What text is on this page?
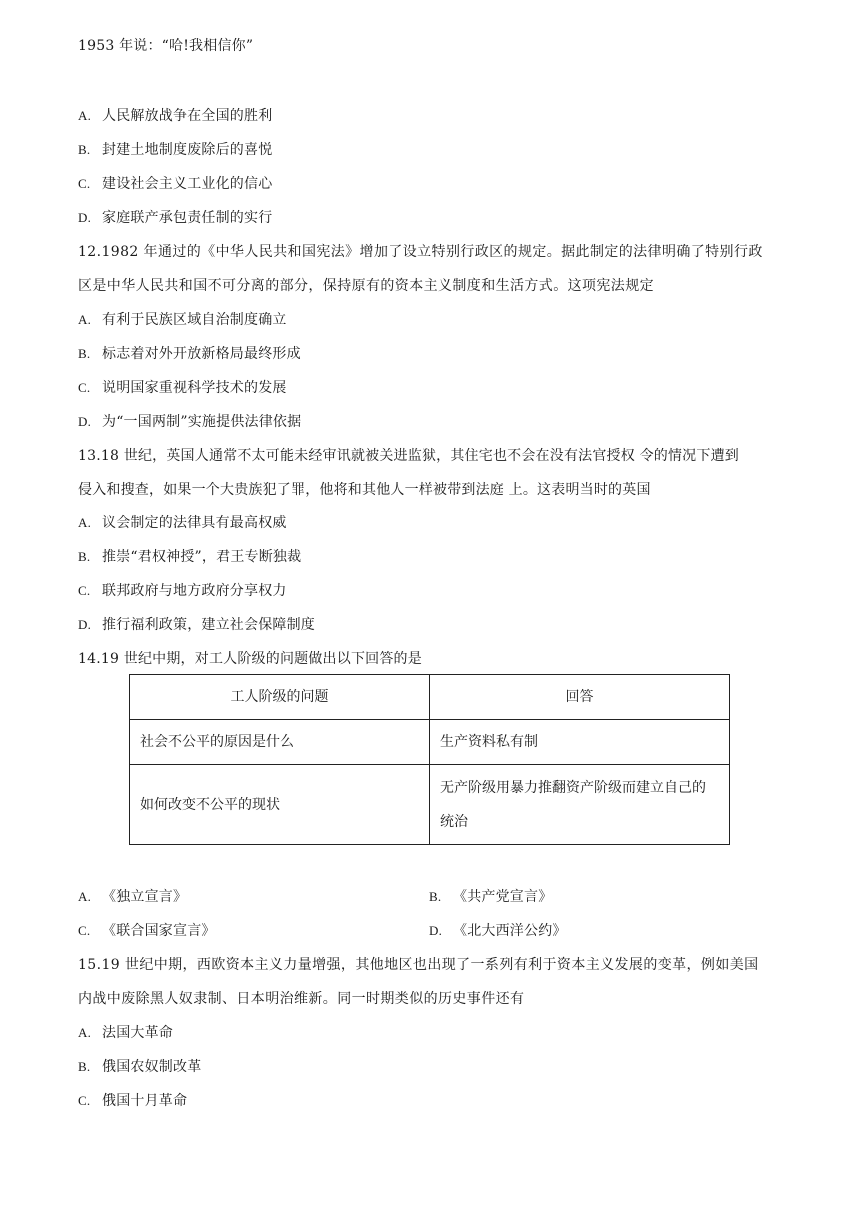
1953 年说：“哈!我相信你”
A. 人民解放战争在全国的胜利
B. 封建土地制度废除后的喜悦
C. 建设社会主义工业化的信心
D. 家庭联产承包责任制的实行
12.1982 年通过的《中华人民共和国宪法》增加了设立特别行政区的规定。据此制定的法律明确了特别行政
区是中华人民共和国不可分离的部分，保持原有的资本主义制度和生活方式。这项宪法规定
A. 有利于民族区域自治制度确立
B. 标志着对外开放新格局最终形成
C. 说明国家重视科学技术的发展
D. 为“一国两制”实施提供法律依据
13.18 世纪，英国人通常不太可能未经审讯就被关进监狱，其住宅也不会在没有法官授权 令的情况下遭到
侵入和搜查，如果一个大贵族犯了罪，他将和其他人一样被带到法庭 上。这表明当时的英国
A. 议会制定的法律具有最高权威
B. 推崇“君权神授”，君王专断独裁
C. 联邦政府与地方政府分享权力
D. 推行福利政策，建立社会保障制度
14.19 世纪中期，对工人阶级的问题做出以下回答的是
工人阶级的问题	回答
社会不公平的原因是什么	生产资料私有制
如何改变不公平的现状	无产阶级用暴力推翻资产阶级而建立自己的统治
A. 《独立宣言》	B. 《共产党宣言》
C. 《联合国家宣言》	D. 《北大西洋公约》
15.19 世纪中期，西欧资本主义力量增强，其他地区也出现了一系列有利于资本主义发展的变革，例如美国
内战中废除黑人奴隶制、日本明治维新。同一时期类似的历史事件还有
A. 法国大革命
B. 俄国农奴制改革
C. 俄国十月革命
